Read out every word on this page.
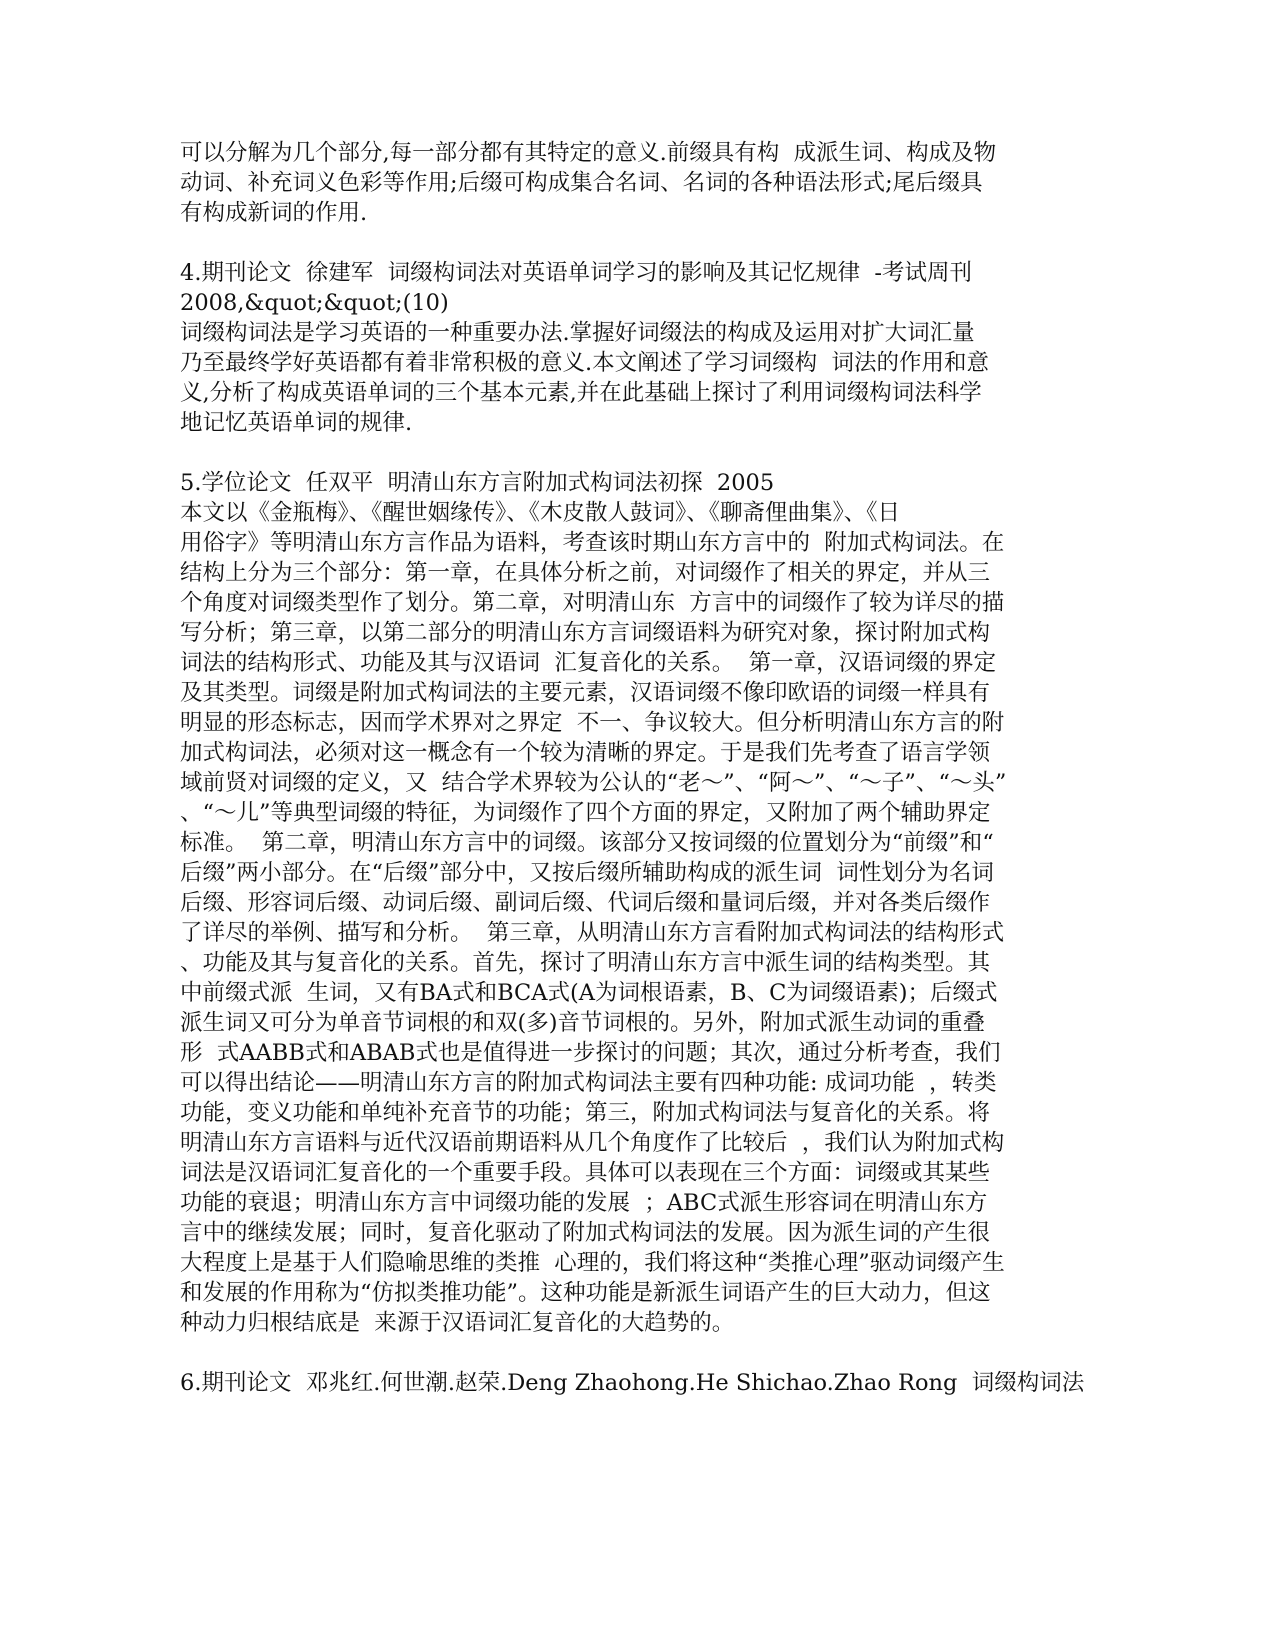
可以分解为几个部分,每一部分都有其特定的意义.前缀具有构  成派生词、构成及物
动词、补充词义色彩等作用;后缀可构成集合名词、名词的各种语法形式;尾后缀具
有构成新词的作用.
4.期刊论文  徐建军  词缀构词法对英语单词学习的影响及其记忆规律  -考试周刊
2008,&quot;&quot;(10)
词缀构词法是学习英语的一种重要办法.掌握好词缀法的构成及运用对扩大词汇量
乃至最终学好英语都有着非常积极的意义.本文阐述了学习词缀构  词法的作用和意
义,分析了构成英语单词的三个基本元素,并在此基础上探讨了利用词缀构词法科学
地记忆英语单词的规律.
5.学位论文  任双平  明清山东方言附加式构词法初探  2005
本文以《金瓶梅》、《醒世姻缘传》、《木皮散人鼓词》、《聊斋俚曲集》、《日
用俗字》等明清山东方言作品为语料，考查该时期山东方言中的  附加式构词法。在
结构上分为三个部分：第一章，在具体分析之前，对词缀作了相关的界定，并从三
个角度对词缀类型作了划分。第二章，对明清山东  方言中的词缀作了较为详尽的描
写分析；第三章，以第二部分的明清山东方言词缀语料为研究对象，探讨附加式构
词法的结构形式、功能及其与汉语词  汇复音化的关系。  第一章，汉语词缀的界定
及其类型。词缀是附加式构词法的主要元素，汉语词缀不像印欧语的词缀一样具有
明显的形态标志，因而学术界对之界定  不一、争议较大。但分析明清山东方言的附
加式构词法，必须对这一概念有一个较为清晰的界定。于是我们先考查了语言学领
域前贤对词缀的定义，又  结合学术界较为公认的“老～”、“阿～”、“～子”、“～头”
、“～儿”等典型词缀的特征，为词缀作了四个方面的界定，又附加了两个辅助界定
标准。  第二章，明清山东方言中的词缀。该部分又按词缀的位置划分为“前缀”和“
后缀”两小部分。在“后缀”部分中，又按后缀所辅助构成的派生词  词性划分为名词
后缀、形容词后缀、动词后缀、副词后缀、代词后缀和量词后缀，并对各类后缀作
了详尽的举例、描写和分析。  第三章，从明清山东方言看附加式构词法的结构形式
、功能及其与复音化的关系。首先，探讨了明清山东方言中派生词的结构类型。其
中前缀式派  生词，又有BA式和BCA式(A为词根语素，B、C为词缀语素)；后缀式
派生词又可分为单音节词根的和双(多)音节词根的。另外，附加式派生动词的重叠
形  式AABB式和ABAB式也是值得进一步探讨的问题；其次，通过分析考查，我们
可以得出结论——明清山东方言的附加式构词法主要有四种功能: 成词功能  ，转类
功能，变义功能和单纯补充音节的功能；第三，附加式构词法与复音化的关系。将
明清山东方言语料与近代汉语前期语料从几个角度作了比较后  ，我们认为附加式构
词法是汉语词汇复音化的一个重要手段。具体可以表现在三个方面：词缀或其某些
功能的衰退；明清山东方言中词缀功能的发展  ；ABC式派生形容词在明清山东方
言中的继续发展；同时，复音化驱动了附加式构词法的发展。因为派生词的产生很
大程度上是基于人们隐喻思维的类推  心理的，我们将这种“类推心理”驱动词缀产生
和发展的作用称为“仿拟类推功能”。这种功能是新派生词语产生的巨大动力，但这
种动力归根结底是  来源于汉语词汇复音化的大趋势的。
6.期刊论文  邓兆红.何世潮.赵荣.Deng Zhaohong.He Shichao.Zhao Rong  词缀构词法
